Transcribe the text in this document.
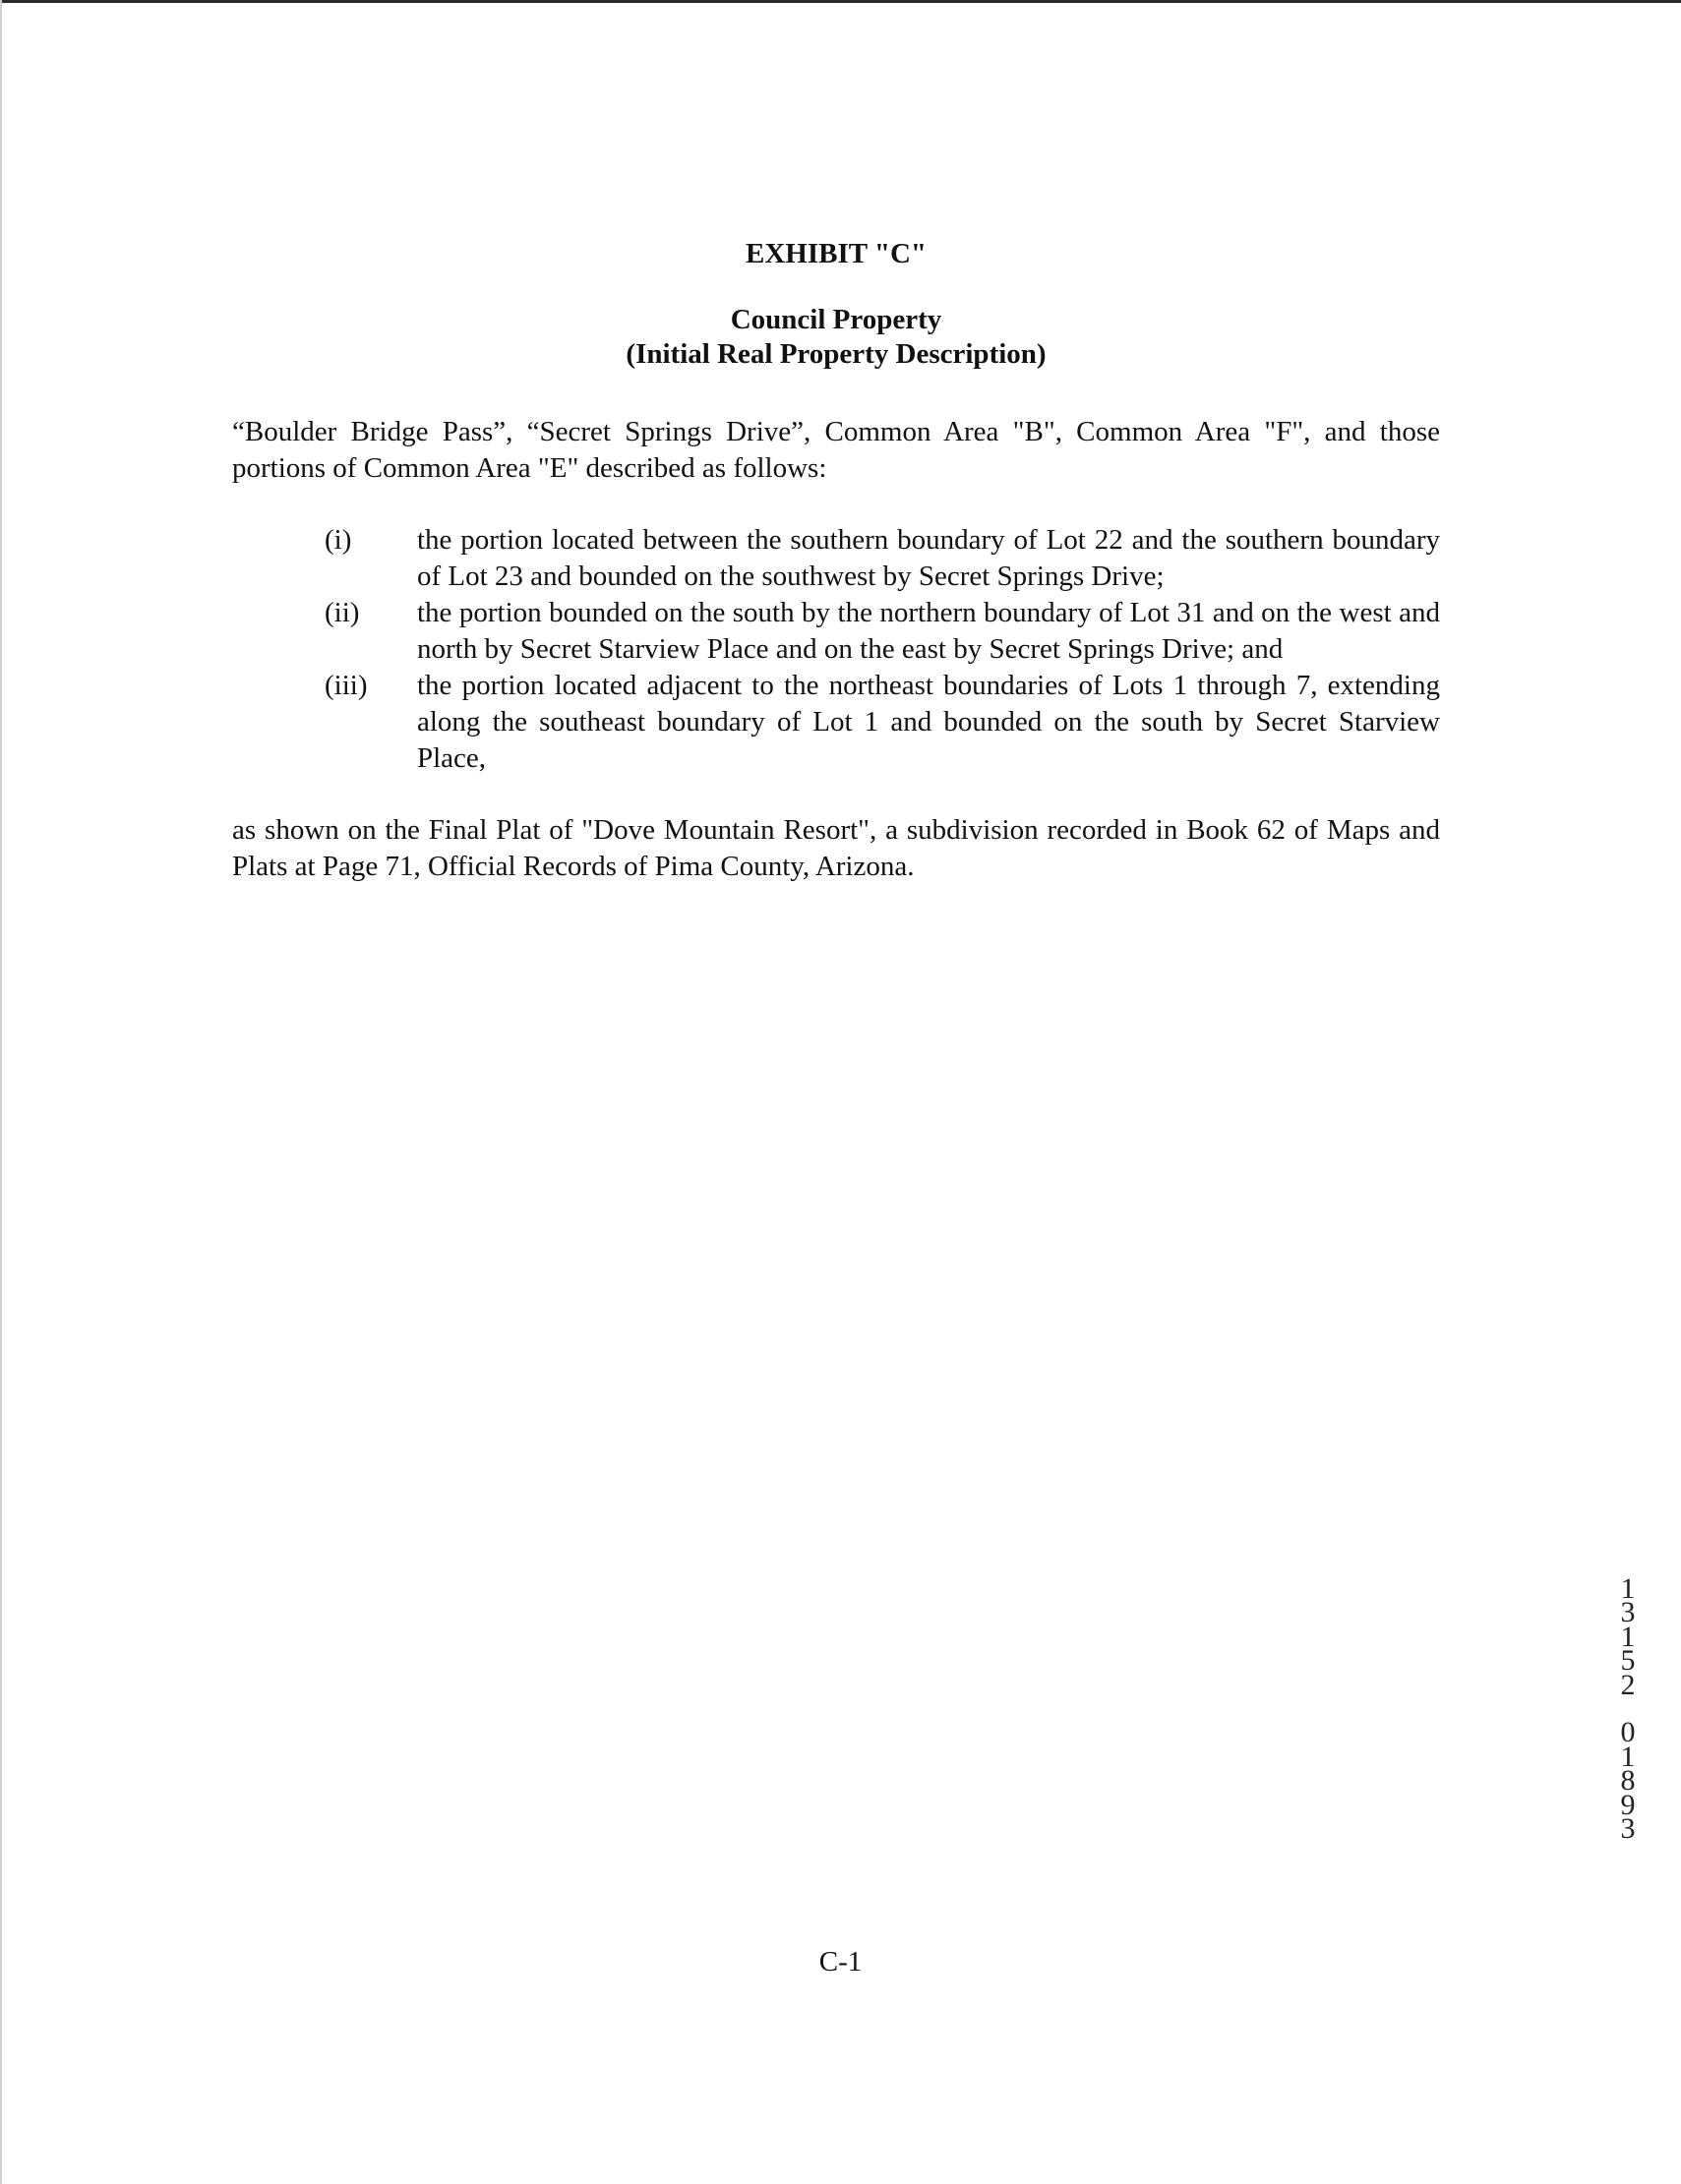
EXHIBIT "C"

Council Property

(Initial Real Property Description)

“Boulder Bridge Pass”, “Secret Springs Drive”, Common Area "B", Common Area "F", and those portions of Common Area "E" described as follows:

(i)	the portion located between the southern boundary of Lot 22 and the southern boundary of Lot 23 and bounded on the southwest by Secret Springs Drive;
(ii)	the portion bounded on the south by the northern boundary of Lot 31 and on the west and north by Secret Starview Place and on the east by Secret Springs Drive; and
(iii)	the portion located adjacent to the northeast boundaries of Lots 1 through 7, extending along the southeast boundary of Lot 1 and bounded on the south by Secret Starview Place,

as shown on the Final Plat of "Dove Mountain Resort", a subdivision recorded in Book 62 of Maps and Plats at Page 71, Official Records of Pima County, Arizona.

1
3
1
5
2

0
1
8
9
3
C-1
